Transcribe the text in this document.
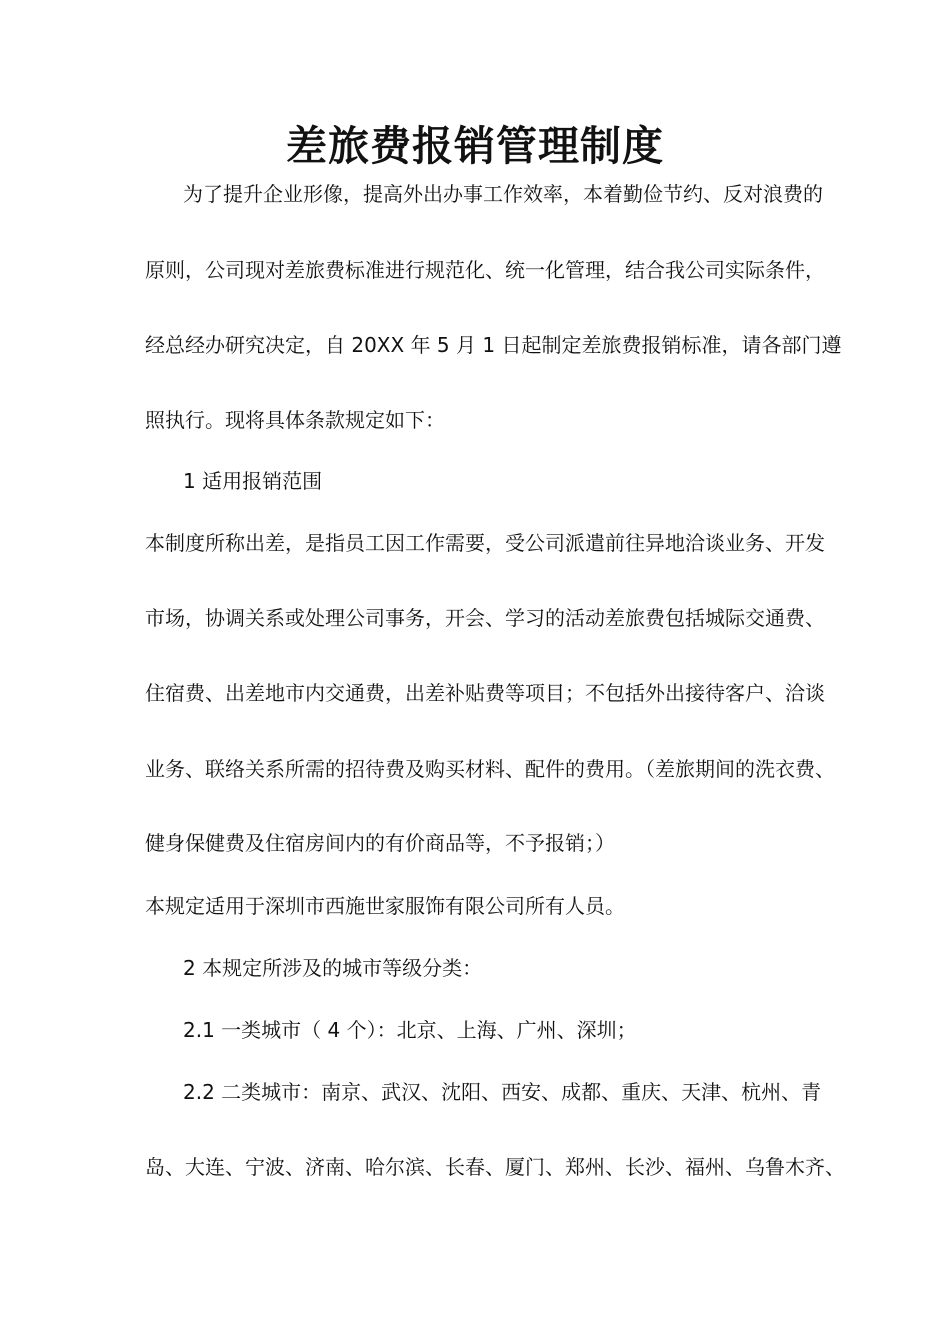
差旅费报销管理制度
为了提升企业形像，提高外出办事工作效率，本着勤俭节约、反对浪费的
原则，公司现对差旅费标准进行规范化、统一化管理，结合我公司实际条件，
经总经办研究决定，自 20XX 年 5 月 1 日起制定差旅费报销标准，请各部门遵
照执行。现将具体条款规定如下：
1 适用报销范围
本制度所称出差，是指员工因工作需要，受公司派遣前往异地洽谈业务、开发
市场，协调关系或处理公司事务，开会、学习的活动差旅费包括城际交通费、
住宿费、出差地市内交通费，出差补贴费等项目；不包括外出接待客户、洽谈
业务、联络关系所需的招待费及购买材料、配件的费用。（差旅期间的洗衣费、
健身保健费及住宿房间内的有价商品等，不予报销；）
本规定适用于深圳市西施世家服饰有限公司所有人员。
2 本规定所涉及的城市等级分类：
2.1 一类城市（ 4 个）：北京、上海、广州、深圳；
2.2 二类城市：南京、武汉、沈阳、西安、成都、重庆、天津、杭州、青
岛、大连、宁波、济南、哈尔滨、长春、厦门、郑州、长沙、福州、乌鲁木齐、
